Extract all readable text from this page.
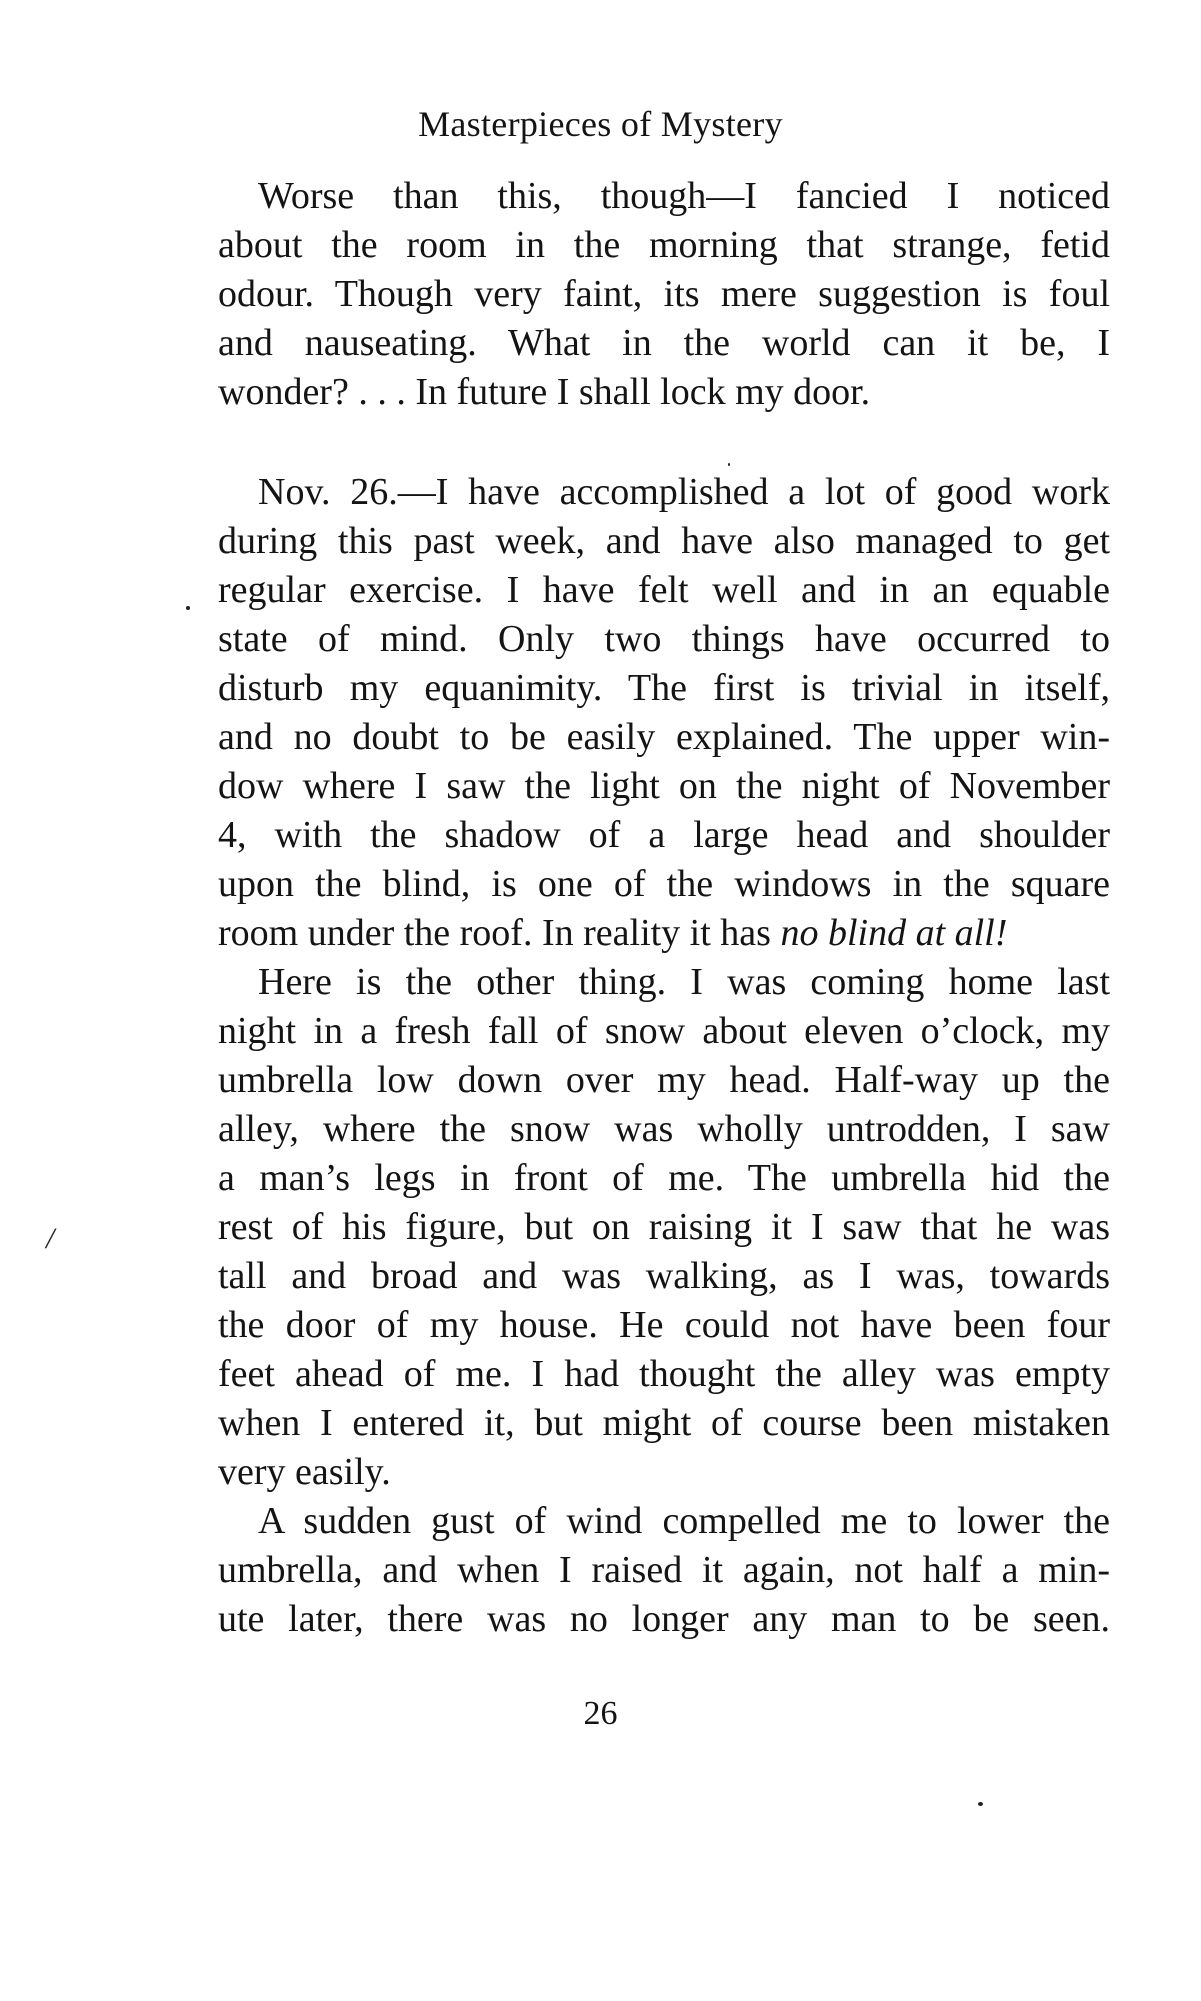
Masterpieces of Mystery
Worse than this, though—I fancied I noticed
about the room in the morning that strange, fetid
odour. Though very faint, its mere suggestion is foul
and nauseating. What in the world can it be, I
wonder? . . . In future I shall lock my door.
Nov. 26.—I have accomplished a lot of good work
during this past week, and have also managed to get
regular exercise. I have felt well and in an equable
state of mind. Only two things have occurred to
disturb my equanimity. The first is trivial in itself,
and no doubt to be easily explained. The upper win-
dow where I saw the light on the night of November
4, with the shadow of a large head and shoulder
upon the blind, is one of the windows in the square
room under the roof. In reality it has no blind at all!
Here is the other thing. I was coming home last
night in a fresh fall of snow about eleven o’clock, my
umbrella low down over my head. Half-way up the
alley, where the snow was wholly untrodden, I saw
a man’s legs in front of me. The umbrella hid the
rest of his figure, but on raising it I saw that he was
tall and broad and was walking, as I was, towards
the door of my house. He could not have been four
feet ahead of me. I had thought the alley was empty
when I entered it, but might of course been mistaken
very easily.
A sudden gust of wind compelled me to lower the
umbrella, and when I raised it again, not half a min-
ute later, there was no longer any man to be seen.
26
/
